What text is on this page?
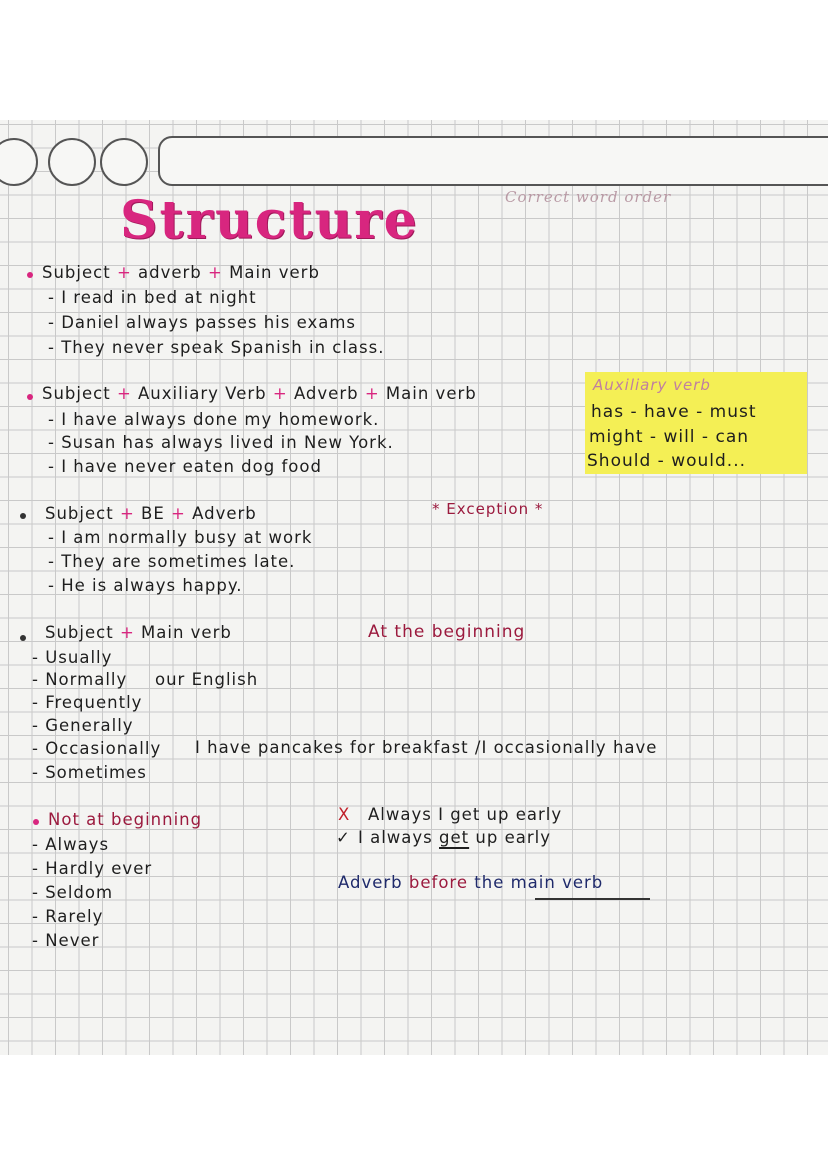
Structure	Correct word order
Subject + adverb + Main verb
- I read in bed at night
- Daniel always passes his exams
- They never speak Spanish in class.
Subject + Auxiliary Verb + Adverb + Main verb
- I have always done my homework.
- Susan has always lived in New York.
- I have never eaten dog food
Auxiliary verb
has - have - must
might - will - can
Should - would...
Subject + BE + Adverb	* Exception *
- I am normally busy at work
- They are sometimes late.
- He is always happy.
Subject + Main verb	At the beginning
- Usually
- Normally our English
- Frequently
- Generally
- Occasionally I have pancakes for breakfast /I occasionally have
- Sometimes
Not at beginning
- Always
- Hardly ever
- Seldom
- Rarely
- Never
X Always I get up early
✓ I always get up early
Adverb before the main verb
